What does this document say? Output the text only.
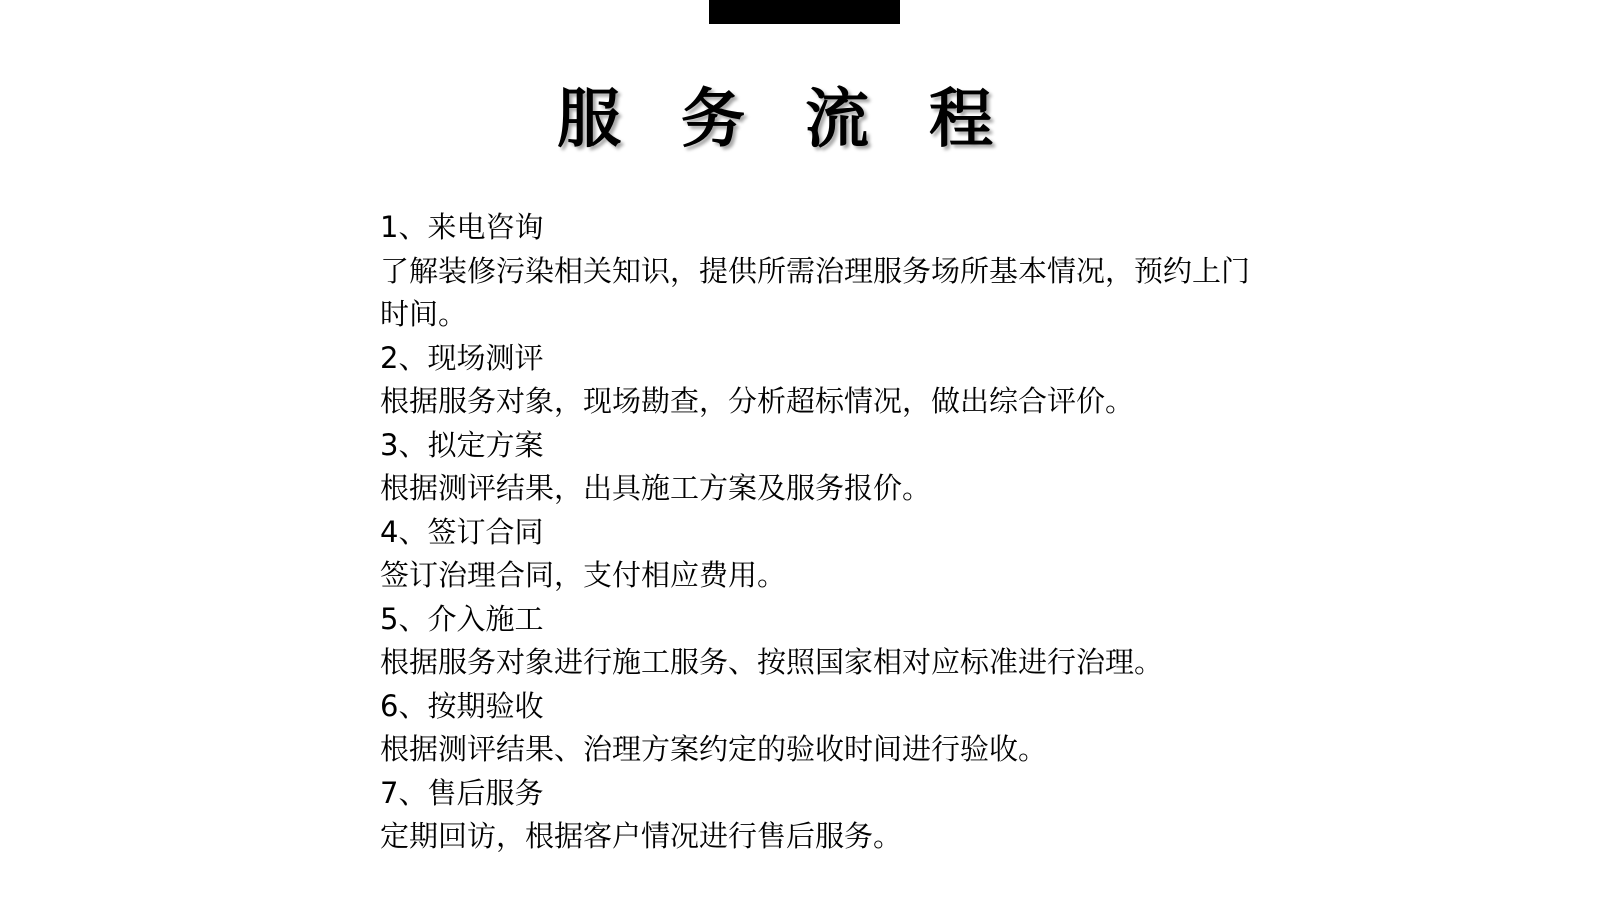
服务流程
1、来电咨询
了解装修污染相关知识，提供所需治理服务场所基本情况，预约上门时间。
2、现场测评
根据服务对象，现场勘查，分析超标情况，做出综合评价。
3、拟定方案
根据测评结果，出具施工方案及服务报价。
4、签订合同
签订治理合同，支付相应费用。
5、介入施工
根据服务对象进行施工服务、按照国家相对应标准进行治理。
6、按期验收
根据测评结果、治理方案约定的验收时间进行验收。
7、售后服务
定期回访，根据客户情况进行售后服务。
